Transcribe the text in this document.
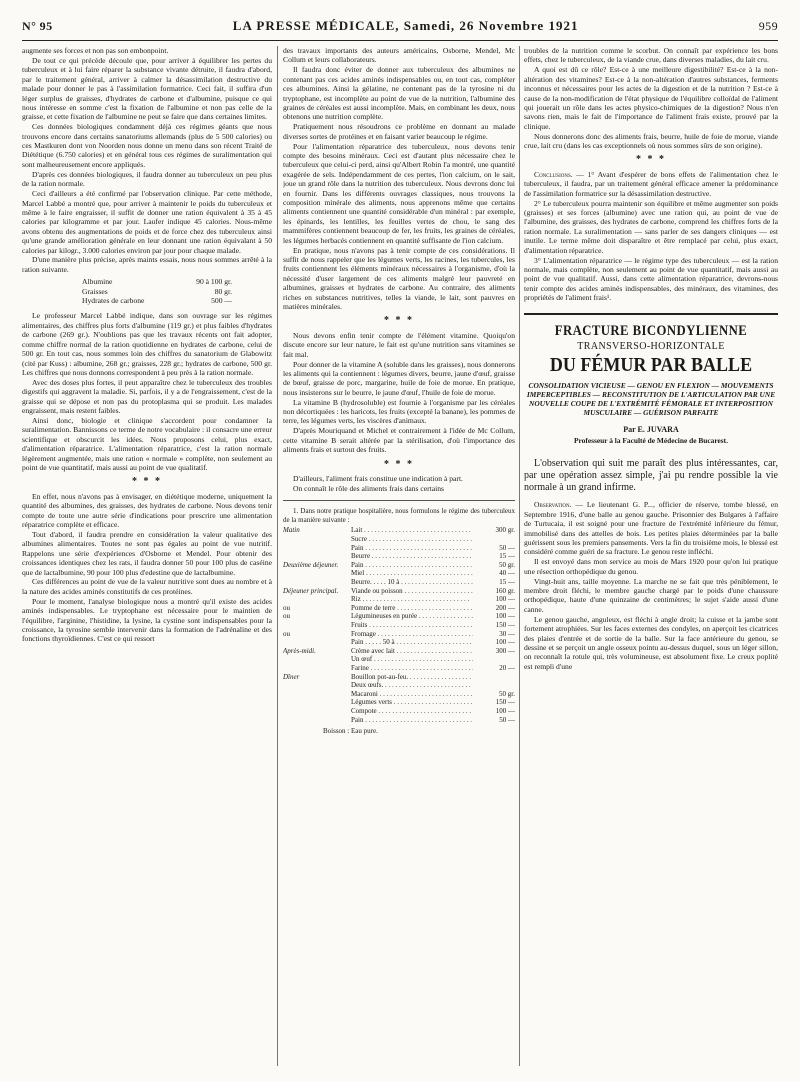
N° 95	LA PRESSE MÉDICALE, Samedi, 26 Novembre 1921	959

augmente ses forces et non pas son embonpoint.

De tout ce qui précède découle que, pour arriver à équilibrer les pertes du tuberculeux et à lui faire réparer la substance vivante détruite, il faudra d'abord, par le traitement général, arriver à calmer la désassimilation destructive du malade pour donner le pas à l'assimilation formatrice. Ceci fait, il suffira d'un léger surplus de graisses, d'hydrates de carbone et d'albumine, puisque ce qui nous intéresse en somme c'est la fixation de l'albumine et non pas celle de la graisse, et cette fixation de l'albumine ne peut se faire que dans certaines limites.

Ces données biologiques condamnent déjà ces régimes géants que nous trouvons encore dans certains sanatoriums allemands (plus de 5 500 calories) ou ces Mastkuren dont von Noorden nous donne un menu dans son récent Traité de Diététique (6.750 calories) et en général tous ces régimes de suralimentation qui sont malheureusement encore appliqués.

D'après ces données biologiques, il faudra donner au tuberculeux un peu plus de la ration normale.

Ceci d'ailleurs a été confirmé par l'observation clinique. Par cette méthode, Marcel Labbé a montré que, pour arriver à maintenir le poids du tuberculeux et même à le faire engraisser, il suffit de donner une ration équivalent à 35 à 45 calories par kilogramme et par jour. Laufer indique 45 calories. Nous-même avons obtenu des augmentations de poids et de force chez des tuberculeux ainsi qu'une grande amélioration générale en leur donnant une ration équivalant à 50 calories par kilogr., 3.000 calories environ par jour pour chaque malade.

D'une manière plus précise, après maints essais, nous nous sommes arrêté à la ration suivante.

Albumine	90 à 100 gr.
Graisses	80 gr.
Hydrates de carbone	500 —

Le professeur Marcel Labbé indique, dans son ouvrage sur les régimes alimentaires, des chiffres plus forts d'albumine (119 gr.) et plus faibles d'hydrates de carbone (269 gr.). N'oublions pas que les travaux récents ont fait adopter, comme chiffre normal de la ration quotidienne en hydrates de carbone, celui de 500 gr. En tout cas, nous sommes loin des chiffres du sanatorium de Glabowitz (cité par Kuss) : albumine, 268 gr.; graisses, 228 gr.; hydrates de carbone, 500 gr. Les chiffres que nous donnons correspondent à peu près à la ration normale.

Avec des doses plus fortes, il peut apparaître chez le tuberculeux des troubles digestifs qui aggravent la maladie. Si, parfois, il y a de l'engraissement, c'est de la graisse qui se dépose et non pas du protoplasma qui se produit. Les malades engraissent, mais restent faibles.

Ainsi donc, biologie et clinique s'accordent pour condamner la suralimentation. Bannissons ce terme de notre vocabulaire : il consacre une erreur scientifique et obscurcit les idées. Nous proposons celui, plus exact, d'alimentation réparatrice. L'alimentation réparatrice, c'est la ration normale légèrement augmentée, mais une ration « normale » complète, non seulement au point de vue quantitatif, mais aussi au point de vue qualitatif.

* * *

En effet, nous n'avons pas à envisager, en diététique moderne, uniquement la quantité des albumines, des graisses, des hydrates de carbone. Nous devons tenir compte de toute une autre série d'indications pour prescrire une alimentation réparatrice complète et efficace.

Tout d'abord, il faudra prendre en considération la valeur qualitative des albumines alimentaires. Toutes ne sont pas égales au point de vue nutritif. Rappelons une série d'expériences d'Osborne et Mendel. Pour obtenir des croissances identiques chez les rats, il faudra donner 50 pour 100 plus de caséine que de lactalbumine, 90 pour 100 plus d'edestine que de lactalbumine.

Ces différences au point de vue de la valeur nutritive sont dues au nombre et à la nature des acides aminés constitutifs de ces protéines.

Pour le moment, l'analyse biologique nous a montré qu'il existe des acides aminés indispensables. Le tryptophane est nécessaire pour le maintien de l'équilibre, l'arginine, l'histidine, la lysine, la cystine sont indispensables pour la croissance, la tyrosine semble intervenir dans la formation de l'adrénaline et des fonctions thyroïdiennes. C'est ce qui ressort

des travaux importants des auteurs américains, Osborne, Mendel, Mc Collum et leurs collaborateurs.

Il faudra donc éviter de donner aux tuberculeux des albumines ne contenant pas ces acides aminés indispensables ou, en tout cas, compléter ces albumines. Ainsi la gélatine, ne contenant pas de la tyrosine ni du tryptophane, est incomplète au point de vue de la nutrition, l'albumine des graines de céréales est aussi incomplète. Mais, en combinant les deux, nous obtenons une nutrition complète.

Pratiquement nous résoudrons ce problème en donnant au malade diverses sortes de protéines et en faisant varier beaucoup le régime.

Pour l'alimentation réparatrice des tuberculeux, nous devons tenir compte des besoins minéraux. Ceci est d'autant plus nécessaire chez le tuberculeux que celui-ci perd, ainsi qu'Albert Robin l'a montré, une quantité exagérée de sels. Indépendamment de ces pertes, l'ion calcium, on le sait, joue un grand rôle dans la nutrition des tuberculeux. Nous devrons donc lui en fournir. Dans les différents ouvrages classiques, nous trouvons la composition minérale des aliments, nous apprenons même que certains aliments contiennent une quantité considérable d'un minéral : par exemple, les épinards, les lentilles, les feuilles vertes de chou, le sang des mammifères contiennent beaucoup de fer, les fruits, les graines de céréales, les légumes herbacés contiennent en quantité suffisante de l'ion calcium.

En pratique, nous n'avons pas à tenir compte de ces considérations. Il suffit de nous rappeler que les légumes verts, les racines, les tubercules, les fruits contiennent les éléments minéraux nécessaires à l'organisme, d'où la nécessité d'user largement de ces aliments malgré leur pauvreté en albumines, graisses et hydrates de carbone. Au contraire, des aliments riches en substances nutritives, telles la viande, le lait, sont pauvres en matières minérales.

* * *

Nous devons enfin tenir compte de l'élément vitamine. Quoiqu'on discute encore sur leur nature, le fait est qu'une nutrition sans vitamines se fait mal.

Pour donner de la vitamine A (soluble dans les graisses), nous donnerons les aliments qui la contiennent : légumes divers, beurre, jaune d'œuf, graisse de bœuf, graisse de porc, margarine, huile de foie de morue. En pratique, nous insisterons sur le beurre, le jaune d'œuf, l'huile de foie de morue.

La vitamine B (hydrosoluble) est fournie à l'organisme par les céréales non décortiquées : les haricots, les fruits (excepté la banane), les pommes de terre, les légumes verts, les viscères d'animaux.

D'après Mouriquand et Michel et contrairement à l'idée de Mc Collum, cette vitamine B serait altérée par la stérilisation, d'où l'importance des aliments frais et surtout des fruits.

* * *

D'ailleurs, l'aliment frais constitue une indication à part.

On connaît le rôle des aliments frais dans certains

1. Dans notre pratique hospitalière, nous formulons le régime des tuberculeux de la manière suivante :

Matin	Lait . . .	300 gr.
Sucre . . .
Pain . . .	50 —
Beurre . . .	15 —
Deuxième déjeuner.	Pain . . .	50 gr.
Miel . . .	40 —
Beurre. . . . . 10 à . . .	15 —
Déjeuner principal.	Viande ou poisson . . .	160 gr.
Riz . . .	100 —
ou	Pomme de terre . . .	200 —
ou	Légumineuses en purée . . .	100 —
Fruits . . .	150 —
ou	Fromage . . .	30 —
Pain . . . . . 50 à . . .	100 —
Après-midi.	Crème avec lait . . .	300 —
Un œuf . . .
Farine . . .	20 —
Dîner	Bouillon pot-au-feu. . . .
Deux œufs. . . .
Macaroni . . .	50 gr.
Légumes verts . . .	150 —
Compote . . .	100 —
Pain . . .	50 —
Boisson : Eau pure.

troubles de la nutrition comme le scorbut. On connaît par expérience les bons effets, chez le tuberculeux, de la viande crue, dans diverses maladies, du lait cru.

A quoi est dû ce rôle? Est-ce à une meilleure digestibilité? Est-ce à la non-altération des vitamines? Est-ce à la non-altération d'autres substances, ferments inconnus et nécessaires pour les actes de la digestion et de la nutrition ? Est-ce à cause de la non-modification de l'état physique de l'équilibre colloïdal de l'aliment qui jouerait un rôle dans les actes physico-chimiques de la digestion? Nous n'en savons rien, mais le fait de l'importance de l'aliment frais existe, prouvé par la clinique.

Nous donnerons donc des aliments frais, beurre, huile de foie de morue, viande crue, lait cru (dans les cas exceptionnels où nous sommes sûrs de son origine).

* * *

Conclusions. — 1° Avant d'espérer de bons effets de l'alimentation chez le tuberculeux, il faudra, par un traitement général efficace amener la prédominance de l'assimilation formatrice sur la désassimilation destructive.

2° Le tuberculeux pourra maintenir son équilibre et même augmenter son poids (graisses) et ses forces (albumine) avec une ration qui, au point de vue de l'albumine, des graisses, des hydrates de carbone, comprend les chiffres forts de la ration normale. La suralimentation — sans parler de ses dangers cliniques — est inutile. Le terme même doit disparaître et être remplacé par celui, plus exact, d'alimentation réparatrice.

3° L'alimentation réparatrice — le régime type des tuberculeux — est la ration normale, mais complète, non seulement au point de vue quantitatif, mais aussi au point de vue qualitatif. Aussi, dans cette alimentation réparatrice, devrons-nous tenir compte des acides aminés indispensables, des minéraux, des vitamines, des propriétés de l'aliment frais¹.

FRACTURE BICONDYLIENNE
TRANSVERSO-HORIZONTALE
DU FÉMUR PAR BALLE
CONSOLIDATION VICIEUSE — GENOU EN FLEXION — MOUVEMENTS IMPERCEPTIBLES — RECONSTITUTION DE L'ARTICULATION PAR UNE NOUVELLE COUPE DE L'EXTRÉMITÉ FÉMORALE ET INTERPOSITION MUSCULAIRE — GUÉRISON PARFAITE
Par E. JUVARA
Professeur à la Faculté de Médecine de Bucarest.

L'observation qui suit me paraît des plus intéressantes, car, par une opération assez simple, j'ai pu rendre possible la vie normale à un grand infirme.

Observation. — Le lieutenant G. P..., officier de réserve, tombe blessé, en Septembre 1916, d'une balle au genou gauche. Prisonnier des Bulgares à l'affaire de Turtucaia, il est soigné pour une fracture de l'extrémité inférieure du fémur, immobilisé dans des attelles de bois. Les petites plaies déterminées par la balle guérissent sous les premiers pansements. Vers la fin du troisième mois, le blessé est considéré comme guéri de sa fracture. Le genou reste infléchi.

Il est envoyé dans mon service au mois de Mars 1920 pour qu'on lui pratique une résection orthopédique du genou.

Vingt-huit ans, taille moyenne. La marche ne se fait que très péniblement, le membre droit fléchi, le membre gauche chargé par le poids d'une chaussure orthopédique, haute d'une quinzaine de centimètres; le sujet s'aide aussi d'une canne.

Le genou gauche, anguleux, est fléchi à angle droit; la cuisse et la jambe sont fortement atrophiées. Sur les faces externes des condyles, on aperçoit les cicatrices des plaies d'entrée et de sortie de la balle. Sur la face antérieure du genou, se dessine et se perçoit un angle osseux pointu au-dessus duquel, sous un léger sillon, on reconnaît la rotule qui, très volumineuse, est absolument fixe. Le creux poplité est rempli d'une
